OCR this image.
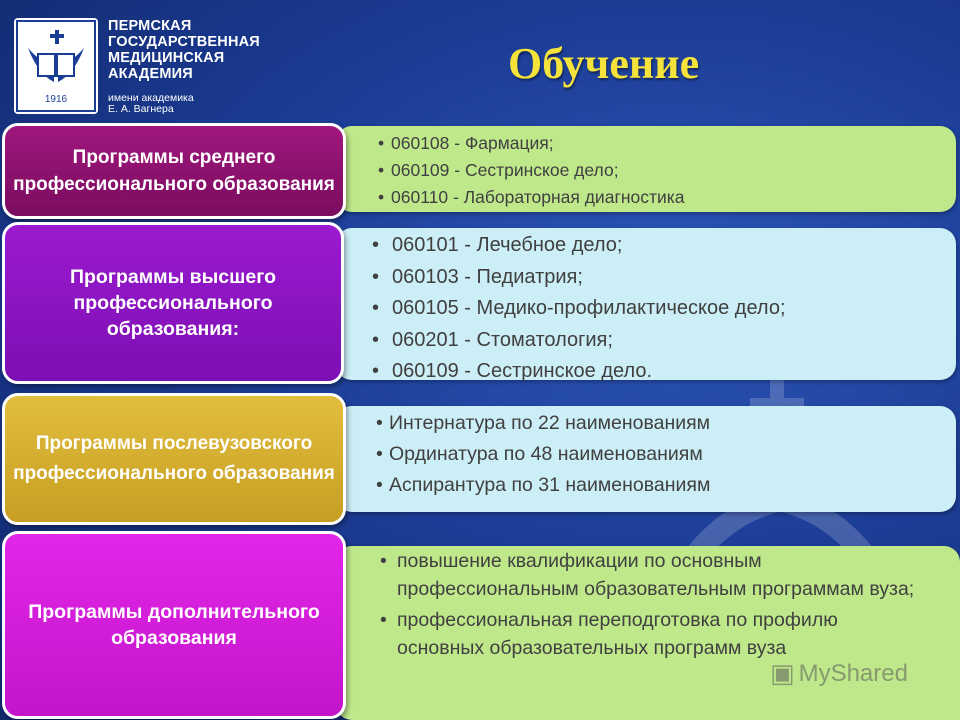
1916
ПЕРМСКАЯ
ГОСУДАРСТВЕННАЯ
МЕДИЦИНСКАЯ
АКАДЕМИЯ
имени академика
Е. А. Вагнера
Обучение
Программы среднего профессионального образования
• 060108 - Фармация;
• 060109 - Сестринское дело;
• 060110 - Лабораторная диагностика
Программы высшего профессионального образования:
• 060101 - Лечебное дело;
• 060103 - Педиатрия;
• 060105 - Медико-профилактическое дело;
• 060201 - Стоматология;
• 060109 - Сестринское дело.
Программы послевузовского профессионального образования
• Интернатура по 22 наименованиям
• Ординатура по 48 наименованиям
• Аспирантура по 31 наименованиям
Программы дополнительного образования
• повышение квалификации по основным профессиональным образовательным программам вуза;
• профессиональная переподготовка по профилю основных образовательных программ вуза
▣ MyShared
